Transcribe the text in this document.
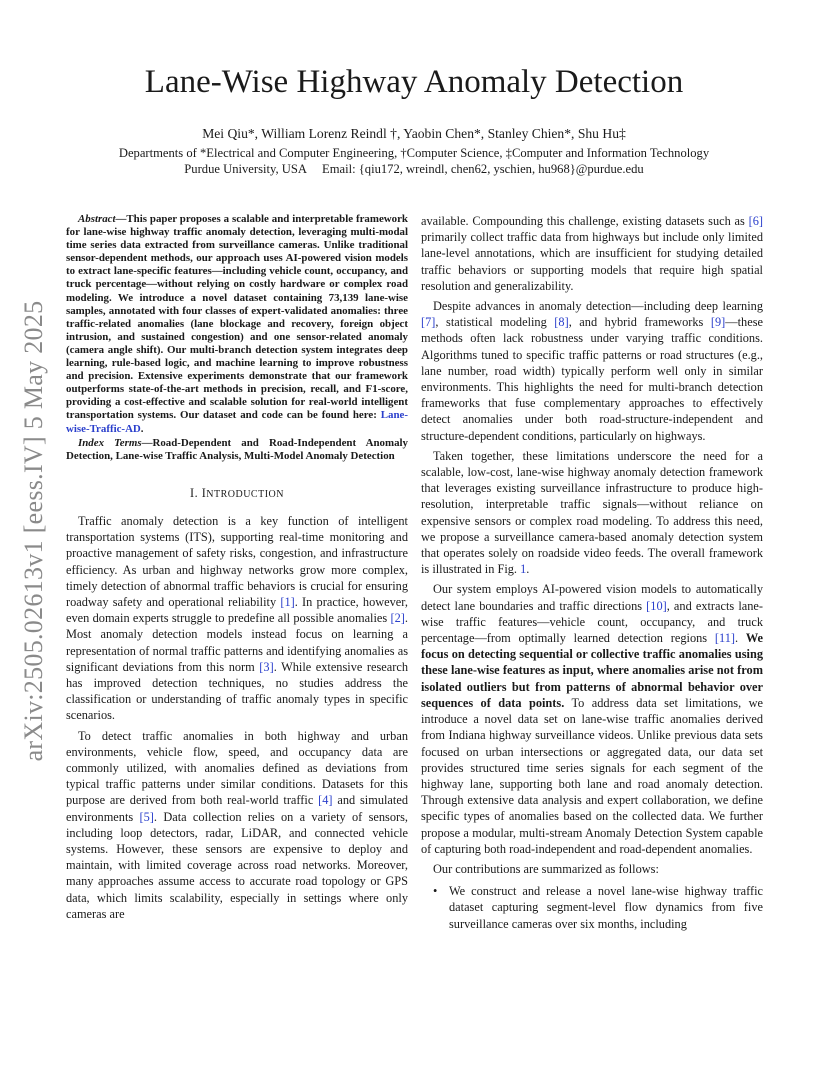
arXiv:2505.02613v1 [eess.IV] 5 May 2025
Lane-Wise Highway Anomaly Detection
Mei Qiu*, William Lorenz Reindl †, Yaobin Chen*, Stanley Chien*, Shu Hu‡
Departments of *Electrical and Computer Engineering, †Computer Science, ‡Computer and Information Technology
Purdue University, USA     Email: {qiu172, wreindl, chen62, yschien, hu968}@purdue.edu

Abstract—This paper proposes a scalable and interpretable framework for lane-wise highway traffic anomaly detection, leveraging multi-modal time series data extracted from surveillance cameras. Unlike traditional sensor-dependent methods, our approach uses AI-powered vision models to extract lane-specific features—including vehicle count, occupancy, and truck percentage—without relying on costly hardware or complex road modeling. We introduce a novel dataset containing 73,139 lane-wise samples, annotated with four classes of expert-validated anomalies: three traffic-related anomalies (lane blockage and recovery, foreign object intrusion, and sustained congestion) and one sensor-related anomaly (camera angle shift). Our multi-branch detection system integrates deep learning, rule-based logic, and machine learning to improve robustness and precision. Extensive experiments demonstrate that our framework outperforms state-of-the-art methods in precision, recall, and F1-score, providing a cost-effective and scalable solution for real-world intelligent transportation systems. Our dataset and code can be found here: Lane-wise-Traffic-AD.

Index Terms—Road-Dependent and Road-Independent Anomaly Detection, Lane-wise Traffic Analysis, Multi-Model Anomaly Detection

I. INTRODUCTION

Traffic anomaly detection is a key function of intelligent transportation systems (ITS), supporting real-time monitoring and proactive management of safety risks, congestion, and infrastructure efficiency. As urban and highway networks grow more complex, timely detection of abnormal traffic behaviors is crucial for ensuring roadway safety and operational reliability [1]. In practice, however, even domain experts struggle to predefine all possible anomalies [2]. Most anomaly detection models instead focus on learning a representation of normal traffic patterns and identifying anomalies as significant deviations from this norm [3]. While extensive research has improved detection techniques, no studies address the classification or understanding of traffic anomaly types in specific scenarios.

To detect traffic anomalies in both highway and urban environments, vehicle flow, speed, and occupancy data are commonly utilized, with anomalies defined as deviations from typical traffic patterns under similar conditions. Datasets for this purpose are derived from both real-world traffic [4] and simulated environments [5]. Data collection relies on a variety of sensors, including loop detectors, radar, LiDAR, and connected vehicle systems. However, these sensors are expensive to deploy and maintain, with limited coverage across road networks. Moreover, many approaches assume access to accurate road topology or GPS data, which limits scalability, especially in settings where only cameras are

available. Compounding this challenge, existing datasets such as [6] primarily collect traffic data from highways but include only limited lane-level annotations, which are insufficient for studying detailed traffic behaviors or supporting models that require high spatial resolution and generalizability.

Despite advances in anomaly detection—including deep learning [7], statistical modeling [8], and hybrid frameworks [9]—these methods often lack robustness under varying traffic conditions. Algorithms tuned to specific traffic patterns or road structures (e.g., lane number, road width) typically perform well only in similar environments. This highlights the need for multi-branch detection frameworks that fuse complementary approaches to effectively detect anomalies under both road-structure-independent and structure-dependent conditions, particularly on highways.

Taken together, these limitations underscore the need for a scalable, low-cost, lane-wise highway anomaly detection framework that leverages existing surveillance infrastructure to produce high-resolution, interpretable traffic signals—without reliance on expensive sensors or complex road modeling. To address this need, we propose a surveillance camera-based anomaly detection system that operates solely on roadside video feeds. The overall framework is illustrated in Fig. 1.

Our system employs AI-powered vision models to automatically detect lane boundaries and traffic directions [10], and extracts lane-wise traffic features—vehicle count, occupancy, and truck percentage—from optimally learned detection regions [11]. We focus on detecting sequential or collective traffic anomalies using these lane-wise features as input, where anomalies arise not from isolated outliers but from patterns of abnormal behavior over sequences of data points. To address data set limitations, we introduce a novel data set on lane-wise traffic anomalies derived from Indiana highway surveillance videos. Unlike previous data sets focused on urban intersections or aggregated data, our data set provides structured time series signals for each segment of the highway lane, supporting both lane and road anomaly detection. Through extensive data analysis and expert collaboration, we define specific types of anomalies based on the collected data. We further propose a modular, multi-stream Anomaly Detection System capable of capturing both road-independent and road-dependent anomalies.

Our contributions are summarized as follows:

• We construct and release a novel lane-wise highway traffic dataset capturing segment-level flow dynamics from five surveillance cameras over six months, including
